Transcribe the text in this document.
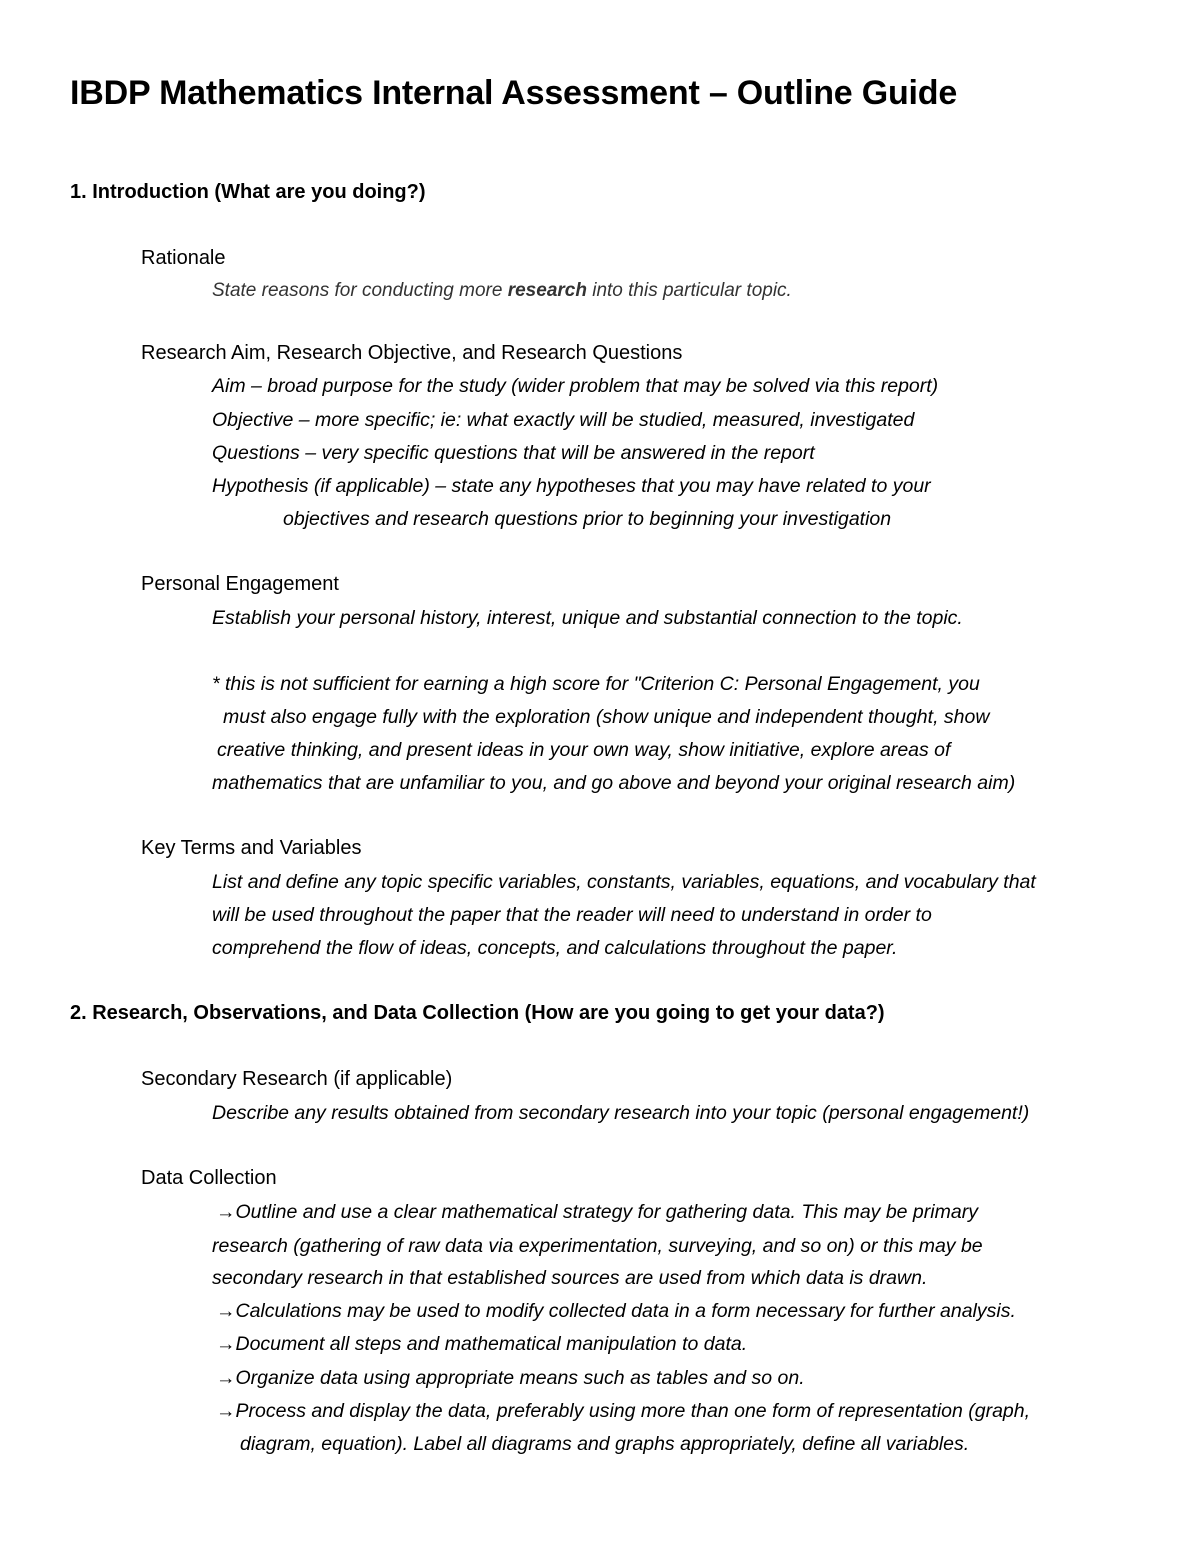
IBDP Mathematics Internal Assessment – Outline Guide
1. Introduction (What are you doing?)
Rationale
State reasons for conducting more research into this particular topic.
Research Aim, Research Objective, and Research Questions
Aim – broad purpose for the study (wider problem that may be solved via this report)
Objective – more specific; ie: what exactly will be studied, measured, investigated
Questions – very specific questions that will be answered in the report
Hypothesis (if applicable) – state any hypotheses that you may have related to your
objectives and research questions prior to beginning your investigation
Personal Engagement
Establish your personal history, interest, unique and substantial connection to the topic.
* this is not sufficient for earning a high score for "Criterion C: Personal Engagement, you
must also engage fully with the exploration (show unique and independent thought, show
creative thinking, and present ideas in your own way, show initiative, explore areas of
mathematics that are unfamiliar to you, and go above and beyond your original research aim)
Key Terms and Variables
List and define any topic specific variables, constants, variables, equations, and vocabulary that
will be used throughout the paper that the reader will need to understand in order to
comprehend the flow of ideas, concepts, and calculations throughout the paper.
2. Research, Observations, and Data Collection (How are you going to get your data?)
Secondary Research (if applicable)
Describe any results obtained from secondary research into your topic (personal engagement!)
Data Collection
→Outline and use a clear mathematical strategy for gathering data. This may be primary
research (gathering of raw data via experimentation, surveying, and so on) or this may be
secondary research in that established sources are used from which data is drawn.
→Calculations may be used to modify collected data in a form necessary for further analysis.
→Document all steps and mathematical manipulation to data.
→Organize data using appropriate means such as tables and so on.
→Process and display the data, preferably using more than one form of representation (graph,
diagram, equation). Label all diagrams and graphs appropriately, define all variables.
